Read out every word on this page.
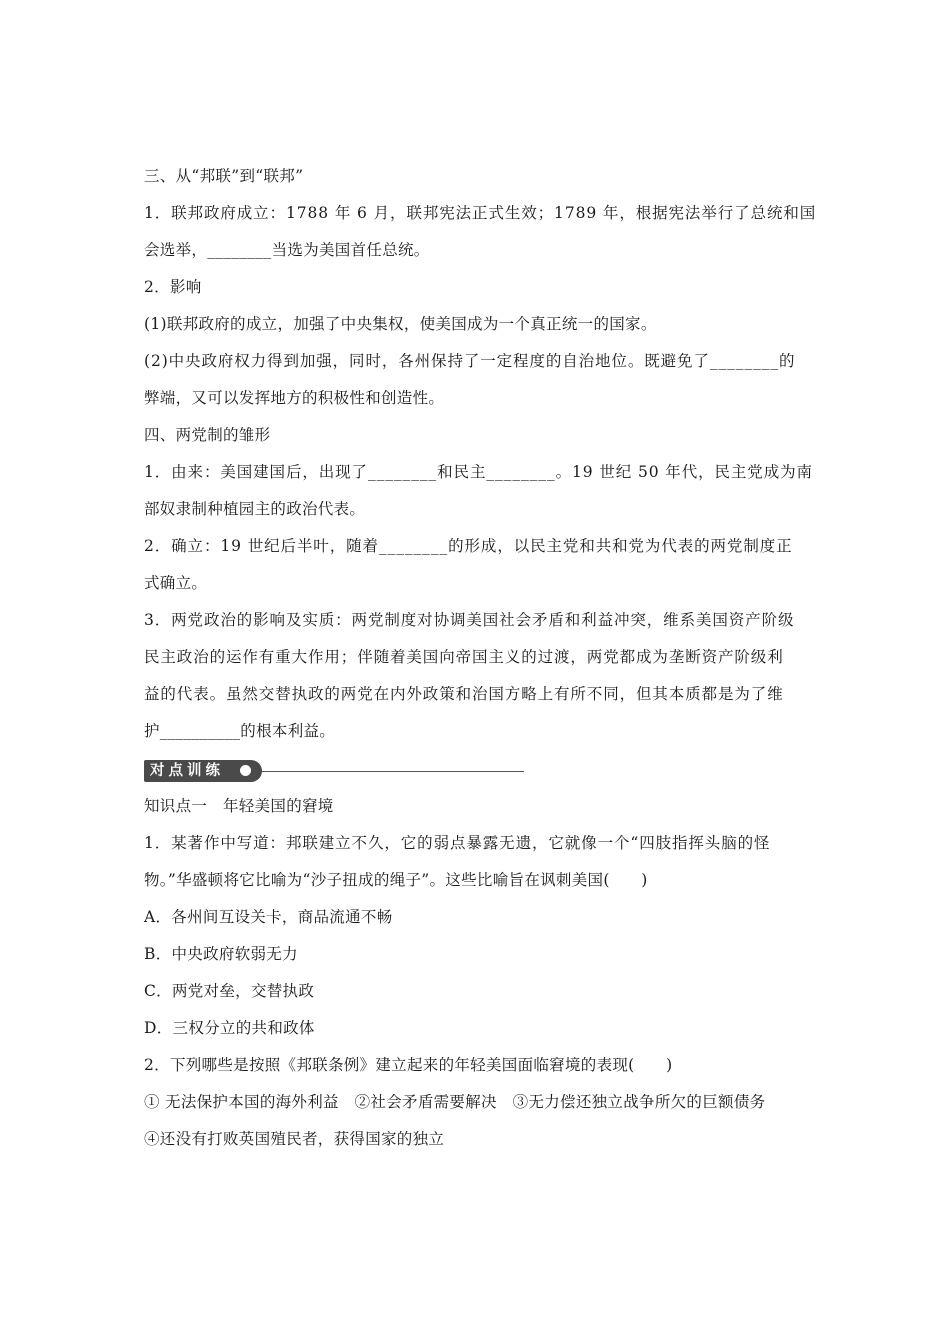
三、从“邦联”到“联邦”
1．联邦政府成立：1788 年 6 月，联邦宪法正式生效；1789 年，根据宪法举行了总统和国
会选举，________当选为美国首任总统。
2．影响
(1)联邦政府的成立，加强了中央集权，使美国成为一个真正统一的国家。
(2)中央政府权力得到加强，同时，各州保持了一定程度的自治地位。既避免了________的
弊端，又可以发挥地方的积极性和创造性。
四、两党制的雏形
1．由来：美国建国后，出现了________和民主________。19 世纪 50 年代，民主党成为南
部奴隶制种植园主的政治代表。
2．确立：19 世纪后半叶，随着________的形成，以民主党和共和党为代表的两党制度正
式确立。
3．两党政治的影响及实质：两党制度对协调美国社会矛盾和利益冲突，维系美国资产阶级
民主政治的运作有重大作用；伴随着美国向帝国主义的过渡，两党都成为垄断资产阶级利
益的代表。虽然交替执政的两党在内外政策和治国方略上有所不同，但其本质都是为了维
护__________的根本利益。
对点训练
知识点一　年轻美国的窘境
1．某著作中写道：邦联建立不久，它的弱点暴露无遗，它就像一个“四肢指挥头脑的怪
物。”华盛顿将它比喻为“沙子扭成的绳子”。这些比喻旨在讽刺美国(　　)
A．各州间互设关卡，商品流通不畅
B．中央政府软弱无力
C．两党对垒，交替执政
D．三权分立的共和政体
2．下列哪些是按照《邦联条例》建立起来的年轻美国面临窘境的表现(　　)
① 无法保护本国的海外利益　②社会矛盾需要解决　③无力偿还独立战争所欠的巨额债务
④还没有打败英国殖民者，获得国家的独立
